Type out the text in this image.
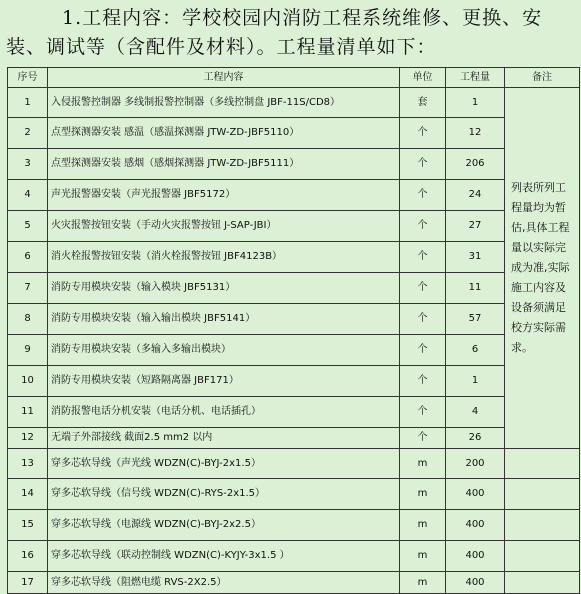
1.工程内容：学校校园内消防工程系统维修、更换、安
装、调试等（含配件及材料）。工程量清单如下：
序号	工程内容	单位	工程量	备注
1	入侵报警控制器 多线制报警控制器（多线控制盘 JBF-11S/CD8）	套	1	列表所列工程量均为暂估,具体工程量以实际完成为准,实际施工内容及设备须满足校方实际需求。
2	点型探测器安装 感温（感温探测器 JTW-ZD-JBF5110）	个	12	
3	点型探测器安装 感烟（感烟探测器 JTW-ZD-JBF5111）	个	206	
4	声光报警器安装（声光报警器 JBF5172）	个	24	
5	火灾报警按钮安装（手动火灾报警按钮 J-SAP-JBI）	个	27	
6	消火栓报警按钮安装（消火栓报警按钮 JBF4123B）	个	31	
7	消防专用模块安装（输入模块 JBF5131）	个	11	
8	消防专用模块安装（输入输出模块 JBF5141）	个	57	
9	消防专用模块安装（多输入多输出模块）	个	6	
10	消防专用模块安装（短路隔离器 JBF171）	个	1	
11	消防报警电话分机安装（电话分机、电话插孔）	个	4	
12	无端子外部接线 截面2.5 mm2 以内	个	26	
13	穿多芯软导线（声光线 WDZN(C)-BYJ-2x1.5）	m	200	
14	穿多芯软导线（信号线 WDZN(C)-RYS-2x1.5）	m	400	
15	穿多芯软导线（电源线 WDZN(C)-BYJ-2x2.5）	m	400	
16	穿多芯软导线（联动控制线 WDZN(C)-KYJY-3x1.5 ）	m	400	
17	穿多芯软导线（阻燃电缆 RVS-2X2.5）	m	400	
